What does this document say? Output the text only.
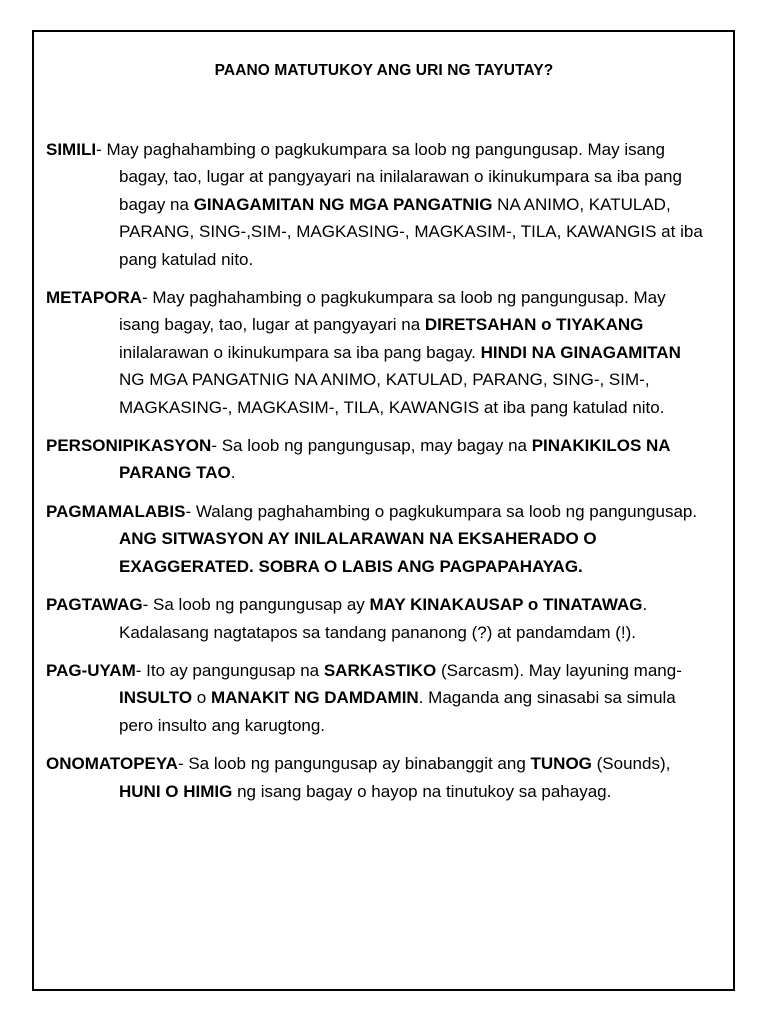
PAANO MATUTUKOY ANG URI NG TAYUTAY?

SIMILI- May paghahambing o pagkukumpara sa loob ng pangungusap. May isang bagay, tao, lugar at pangyayari na inilalarawan o ikinukumpara sa iba pang bagay na GINAGAMITAN NG MGA PANGATNIG NA ANIMO, KATULAD, PARANG, SING-,SIM-, MAGKASING-, MAGKASIM-, TILA, KAWANGIS at iba pang katulad nito.

METAPORA- May paghahambing o pagkukumpara sa loob ng pangungusap. May isang bagay, tao, lugar at pangyayari na DIRETSAHAN o TIYAKANG inilalarawan o ikinukumpara sa iba pang bagay. HINDI NA GINAGAMITAN NG MGA PANGATNIG NA ANIMO, KATULAD, PARANG, SING-, SIM-, MAGKASING-, MAGKASIM-, TILA, KAWANGIS at iba pang katulad nito.

PERSONIPIKASYON- Sa loob ng pangungusap, may bagay na PINAKIKILOS NA PARANG TAO.

PAGMAMALABIS- Walang paghahambing o pagkukumpara sa loob ng pangungusap. ANG SITWASYON AY INILALARAWAN NA EKSAHERADO O EXAGGERATED. SOBRA O LABIS ANG PAGPAPAHAYAG.

PAGTAWAG- Sa loob ng pangungusap ay MAY KINAKAUSAP o TINATAWAG. Kadalasang nagtatapos sa tandang pananong (?) at pandamdam (!).

PAG-UYAM- Ito ay pangungusap na SARKASTIKO (Sarcasm). May layuning mang-INSULTO o MANAKIT NG DAMDAMIN. Maganda ang sinasabi sa simula pero insulto ang karugtong.

ONOMATOPEYA- Sa loob ng pangungusap ay binabanggit ang TUNOG (Sounds), HUNI O HIMIG ng isang bagay o hayop na tinutukoy sa pahayag.
